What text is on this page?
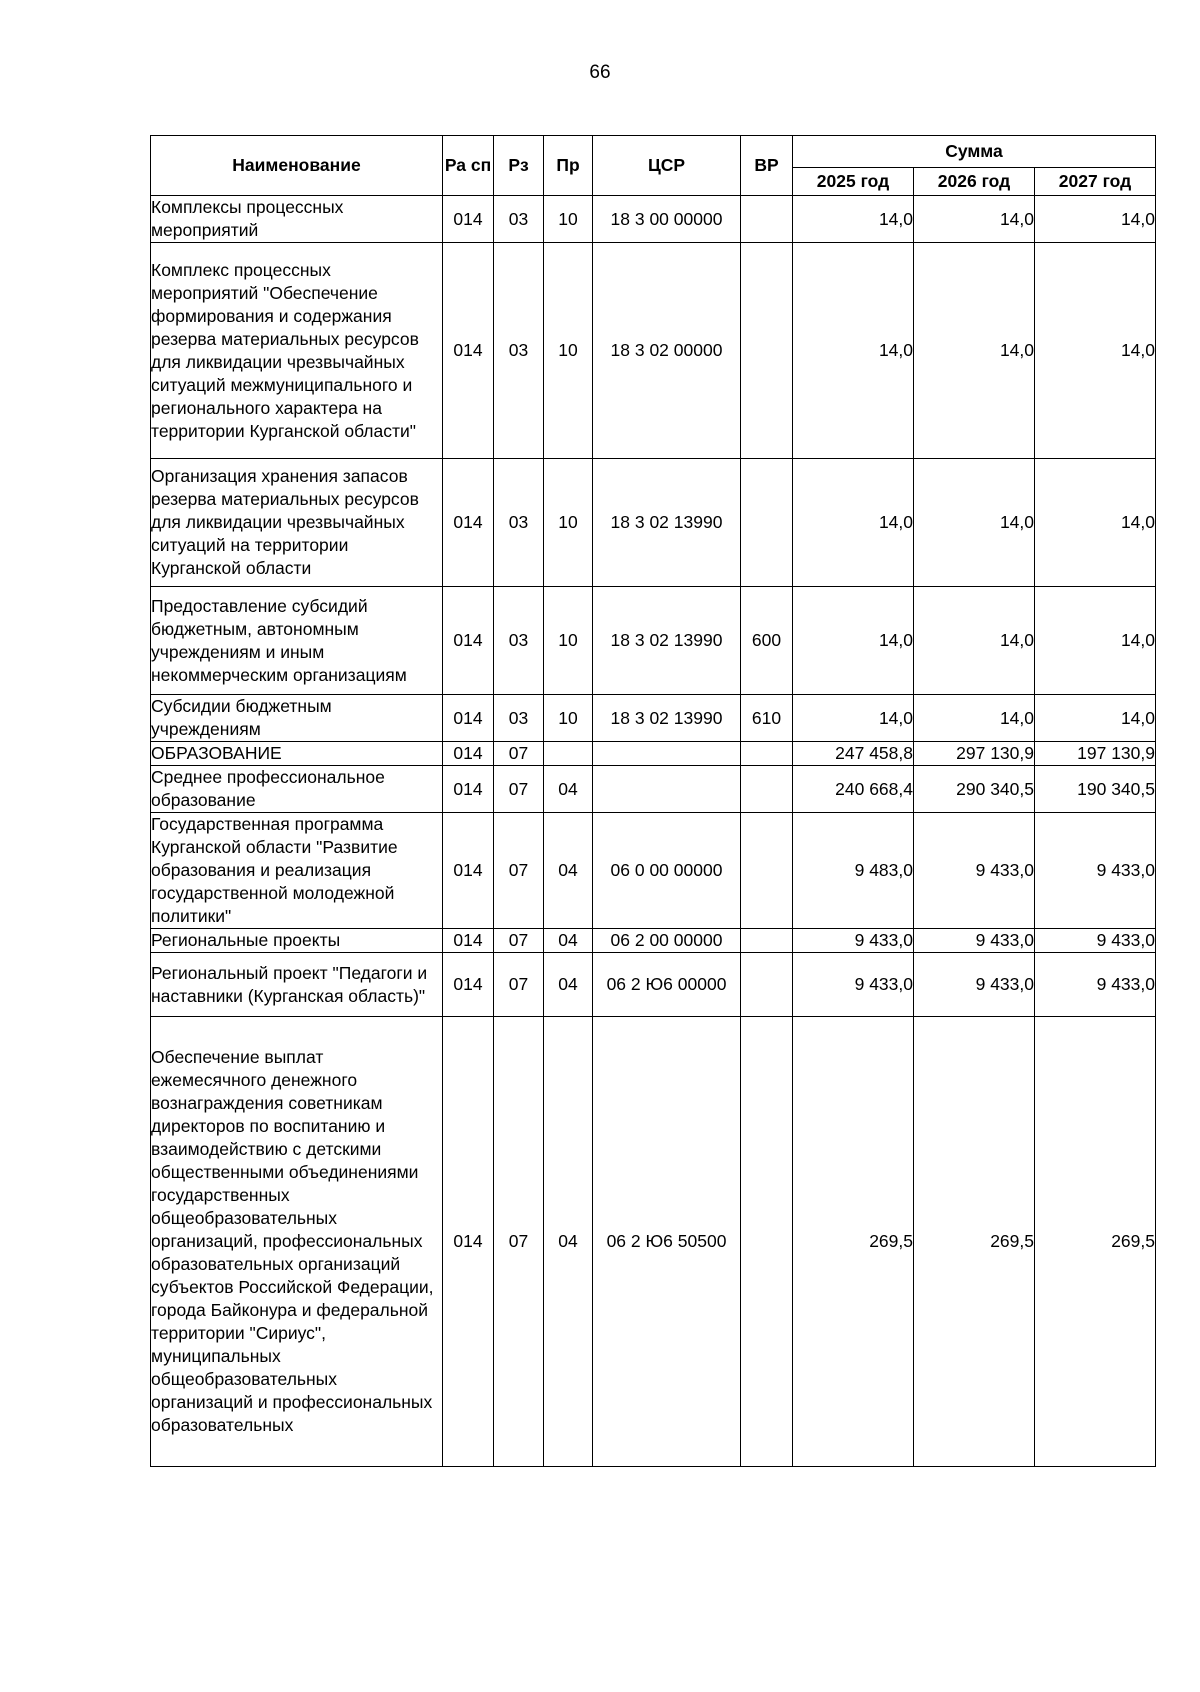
66
Наименование	Ра сп	Рз	Пр	ЦСР	ВР	Сумма		
						2025 год	2026 год	2027 год
Комплексы процессных мероприятий	014	03	10	18 3 00 00000		14,0	14,0	14,0
Комплекс процессных мероприятий "Обеспечение формирования и содержания резерва материальных ресурсов для ликвидации чрезвычайных ситуаций межмуниципального и регионального характера на территории Курганской области"	014	03	10	18 3 02 00000		14,0	14,0	14,0
Организация хранения запасов резерва материальных ресурсов для ликвидации чрезвычайных ситуаций на территории Курганской области	014	03	10	18 3 02 13990		14,0	14,0	14,0
Предоставление субсидий бюджетным, автономным учреждениям и иным некоммерческим организациям	014	03	10	18 3 02 13990	600	14,0	14,0	14,0
Субсидии бюджетным учреждениям	014	03	10	18 3 02 13990	610	14,0	14,0	14,0
ОБРАЗОВАНИЕ	014	07				247 458,8	297 130,9	197 130,9
Среднее профессиональное образование	014	07	04			240 668,4	290 340,5	190 340,5
Государственная программа Курганской области "Развитие образования и реализация государственной молодежной политики"	014	07	04	06 0 00 00000		9 483,0	9 433,0	9 433,0
Региональные проекты	014	07	04	06 2 00 00000		9 433,0	9 433,0	9 433,0
Региональный проект "Педагоги и наставники (Курганская область)"	014	07	04	06 2 Ю6 00000		9 433,0	9 433,0	9 433,0
Обеспечение выплат ежемесячного денежного вознаграждения советникам директоров по воспитанию и взаимодействию с детскими общественными объединениями государственных общеобразовательных организаций, профессиональных образовательных организаций субъектов Российской Федерации, города Байконура и федеральной территории "Сириус", муниципальных общеобразовательных организаций и профессиональных образовательных	014	07	04	06 2 Ю6 50500		269,5	269,5	269,5
